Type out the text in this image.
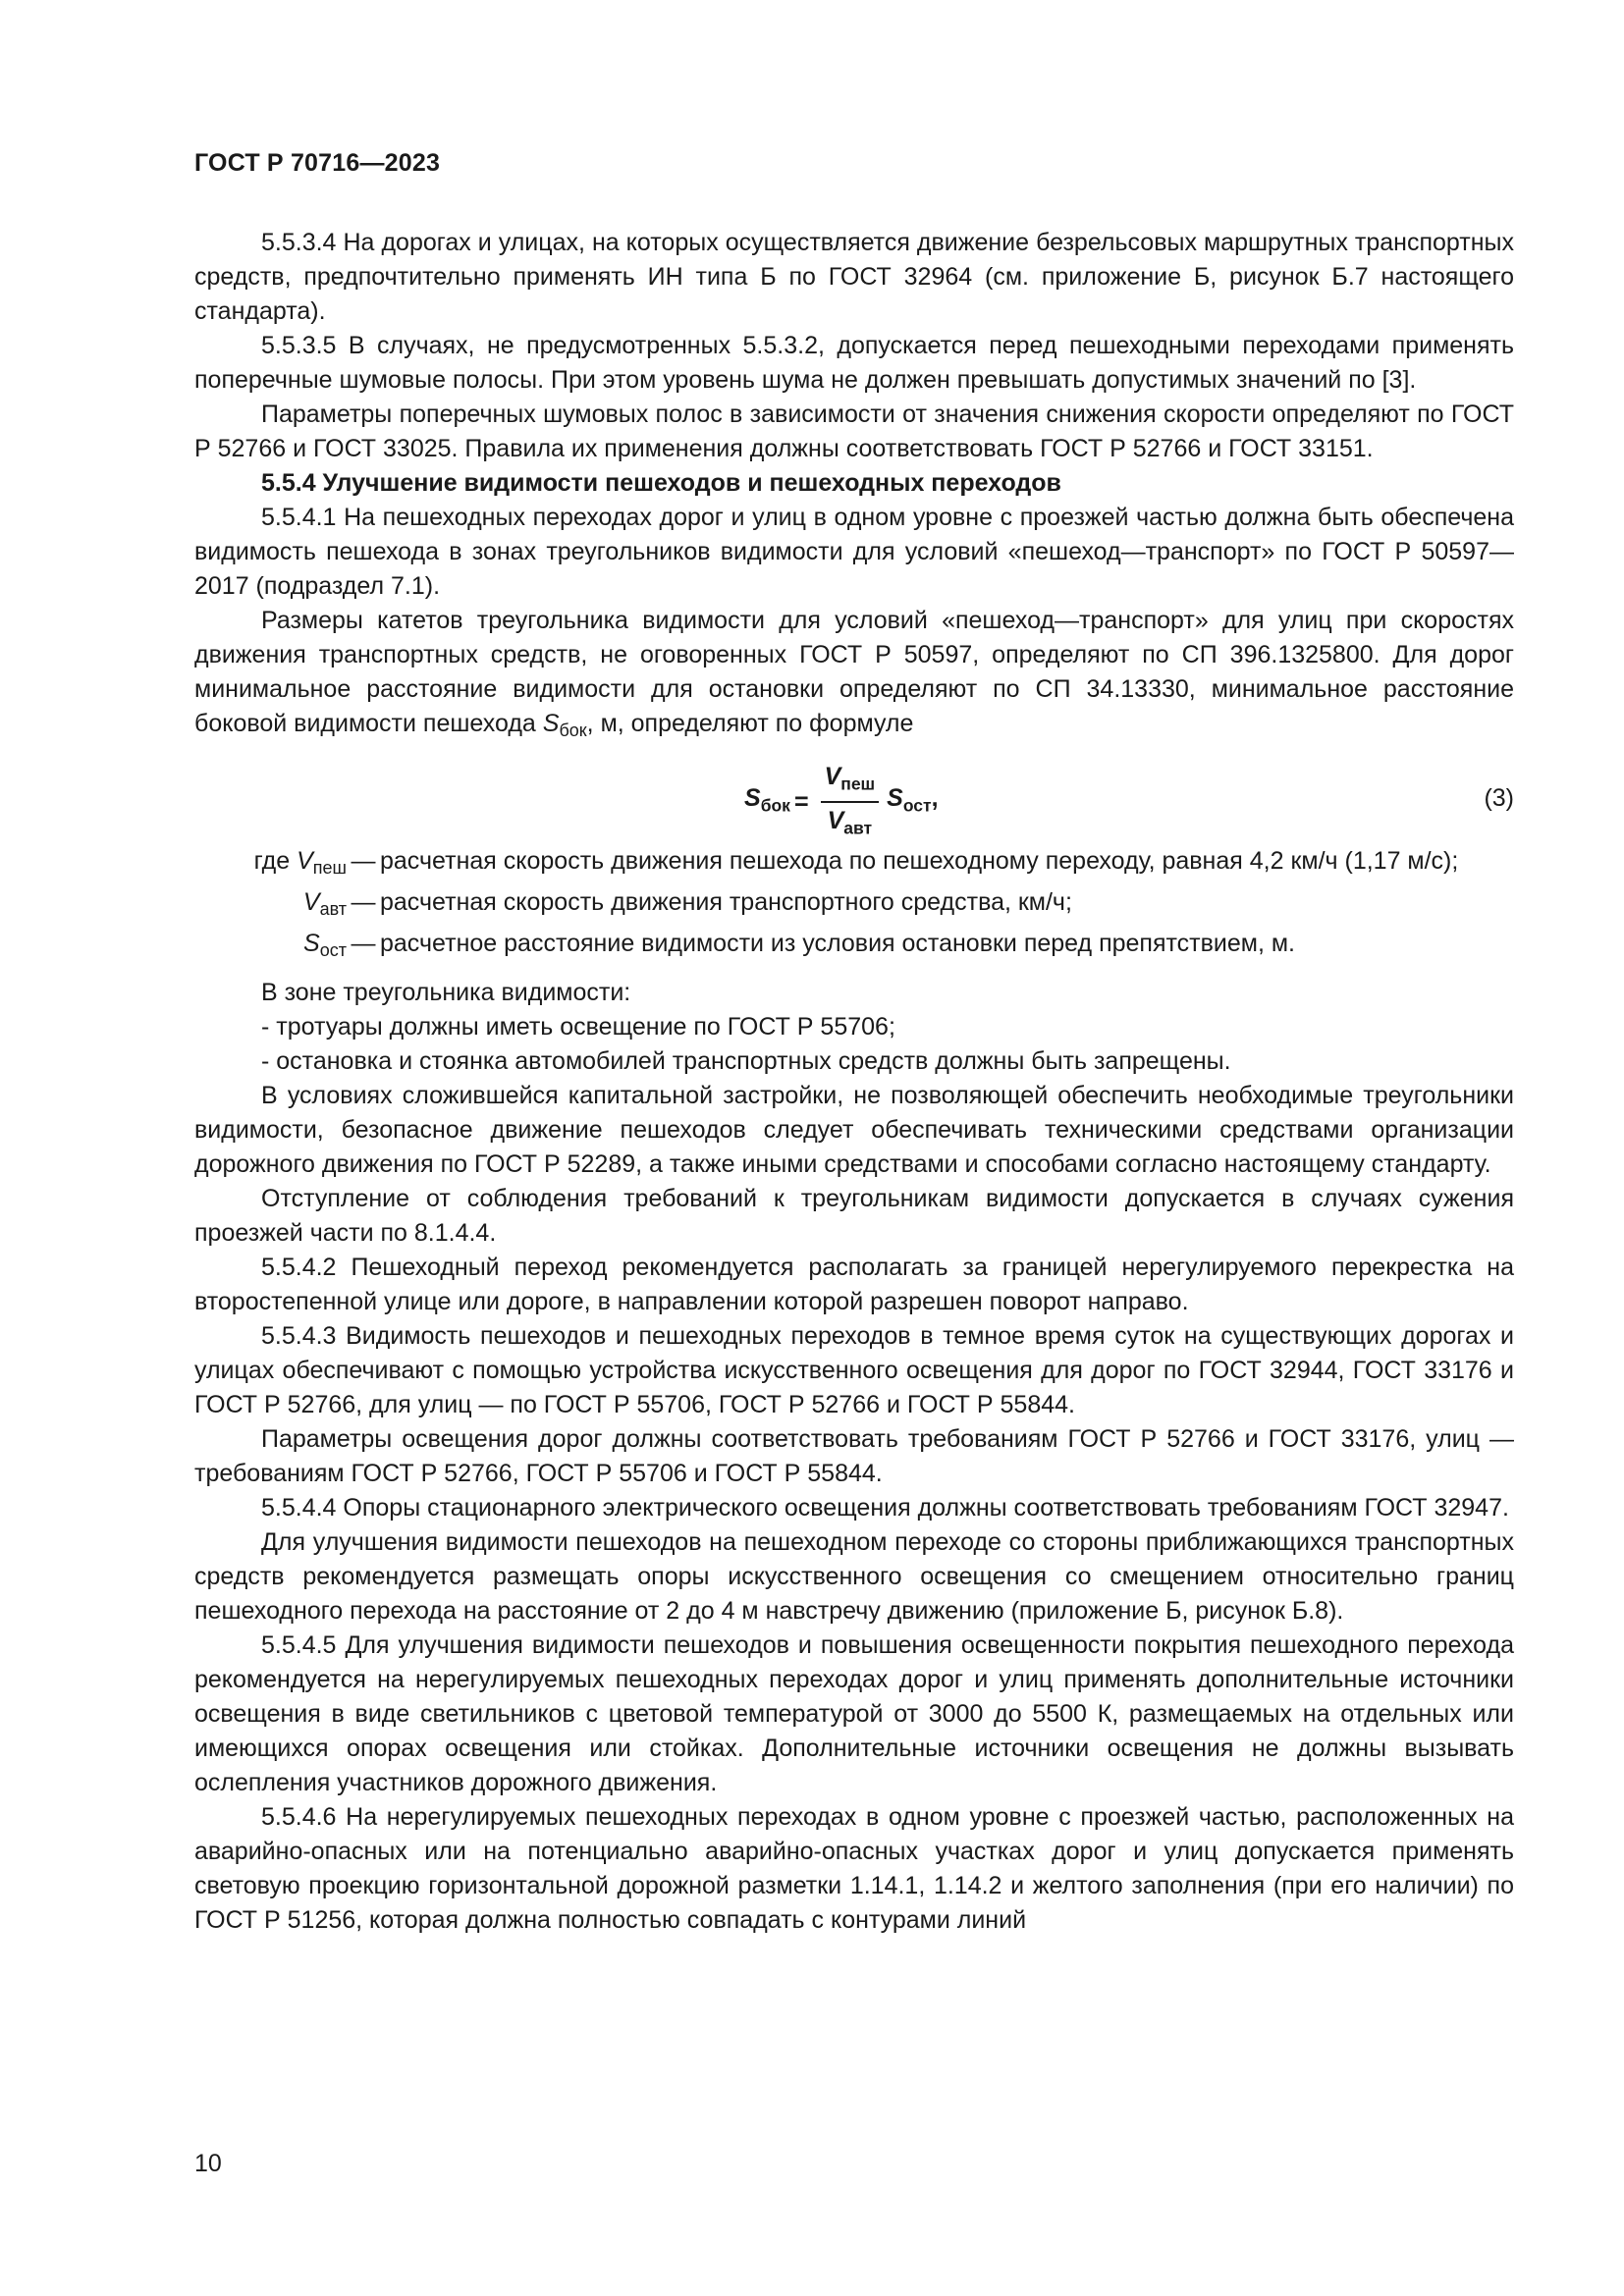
ГОСТ Р 70716—2023

5.5.3.4 На дорогах и улицах, на которых осуществляется движение безрельсовых маршрутных транспортных средств, предпочтительно применять ИН типа Б по ГОСТ 32964 (см. приложение Б, рисунок Б.7 настоящего стандарта).

5.5.3.5 В случаях, не предусмотренных 5.5.3.2, допускается перед пешеходными переходами применять поперечные шумовые полосы. При этом уровень шума не должен превышать допустимых значений по [3].

Параметры поперечных шумовых полос в зависимости от значения снижения скорости определяют по ГОСТ Р 52766 и ГОСТ 33025. Правила их применения должны соответствовать ГОСТ Р 52766 и ГОСТ 33151.

5.5.4 Улучшение видимости пешеходов и пешеходных переходов

5.5.4.1 На пешеходных переходах дорог и улиц в одном уровне с проезжей частью должна быть обеспечена видимость пешехода в зонах треугольников видимости для условий «пешеход—транспорт» по ГОСТ Р 50597—2017 (подраздел 7.1).

Размеры катетов треугольника видимости для условий «пешеход—транспорт» для улиц при скоростях движения транспортных средств, не оговоренных ГОСТ Р 50597, определяют по СП 396.1325800. Для дорог минимальное расстояние видимости для остановки определяют по СП 34.13330, минимальное расстояние боковой видимости пешехода $S_{бок}$, м, определяют по формуле

$S_{бок} = \frac{V_{пеш}}{V_{авт}} S_{ост}$,	(3)
где $V_{пеш}$	—	расчетная скорость движения пешехода по пешеходному переходу, равная 4,2 км/ч (1,17 м/с);
$V_{авт}$	—	расчетная скорость движения транспортного средства, км/ч;
$S_{ост}$	—	расчетное расстояние видимости из условия остановки перед препятствием, м.

В зоне треугольника видимости:

- тротуары должны иметь освещение по ГОСТ Р 55706;

- остановка и стоянка автомобилей транспортных средств должны быть запрещены.

В условиях сложившейся капитальной застройки, не позволяющей обеспечить необходимые треугольники видимости, безопасное движение пешеходов следует обеспечивать техническими средствами организации дорожного движения по ГОСТ Р 52289, а также иными средствами и способами согласно настоящему стандарту.

Отступление от соблюдения требований к треугольникам видимости допускается в случаях сужения проезжей части по 8.1.4.4.

5.5.4.2 Пешеходный переход рекомендуется располагать за границей нерегулируемого перекрестка на второстепенной улице или дороге, в направлении которой разрешен поворот направо.

5.5.4.3 Видимость пешеходов и пешеходных переходов в темное время суток на существующих дорогах и улицах обеспечивают с помощью устройства искусственного освещения для дорог по ГОСТ 32944, ГОСТ 33176 и ГОСТ Р 52766, для улиц — по ГОСТ Р 55706, ГОСТ Р 52766 и ГОСТ Р 55844.

Параметры освещения дорог должны соответствовать требованиям ГОСТ Р 52766 и ГОСТ 33176, улиц — требованиям ГОСТ Р 52766, ГОСТ Р 55706 и ГОСТ Р 55844.

5.5.4.4 Опоры стационарного электрического освещения должны соответствовать требованиям ГОСТ 32947.

Для улучшения видимости пешеходов на пешеходном переходе со стороны приближающихся транспортных средств рекомендуется размещать опоры искусственного освещения со смещением относительно границ пешеходного перехода на расстояние от 2 до 4 м навстречу движению (приложение Б, рисунок Б.8).

5.5.4.5 Для улучшения видимости пешеходов и повышения освещенности покрытия пешеходного перехода рекомендуется на нерегулируемых пешеходных переходах дорог и улиц применять дополнительные источники освещения в виде светильников с цветовой температурой от 3000 до 5500 К, размещаемых на отдельных или имеющихся опорах освещения или стойках. Дополнительные источники освещения не должны вызывать ослепления участников дорожного движения.

5.5.4.6 На нерегулируемых пешеходных переходах в одном уровне с проезжей частью, расположенных на аварийно-опасных или на потенциально аварийно-опасных участках дорог и улиц допускается применять световую проекцию горизонтальной дорожной разметки 1.14.1, 1.14.2 и желтого заполнения (при его наличии) по ГОСТ Р 51256, которая должна полностью совпадать с контурами линий

10
